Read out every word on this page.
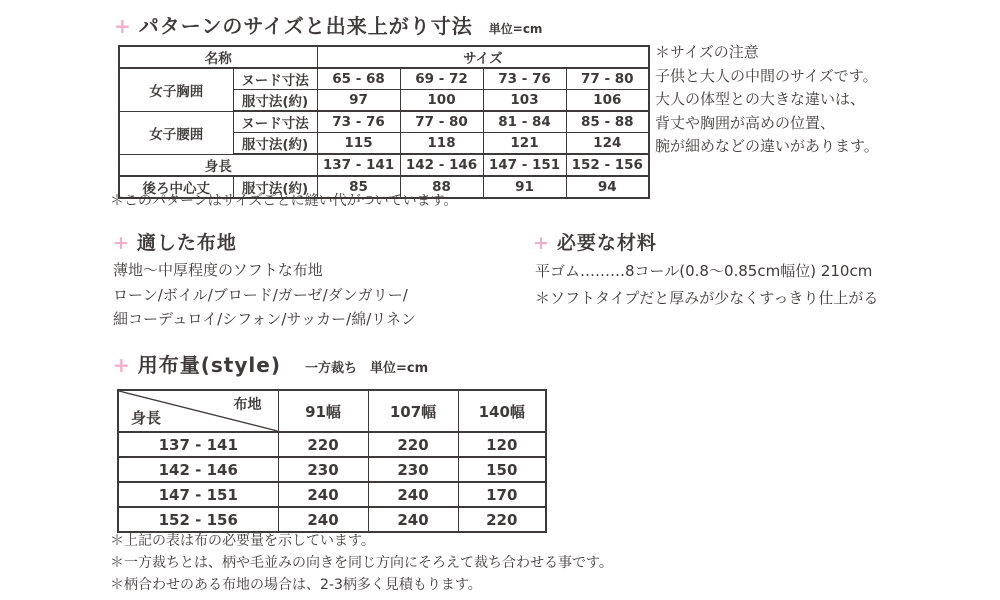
+ パターンのサイズと出来上がり寸法 単位=cm
名称		サイズ			
女子胸囲	ヌード寸法	65 - 68	69 - 72	73 - 76	77 - 80
	服寸法(約)	97	100	103	106
女子腰囲	ヌード寸法	73 - 76	77 - 80	81 - 84	85 - 88
	服寸法(約)	115	118	121	124
身長		137 - 141	142 - 146	147 - 151	152 - 156
後ろ中心丈	服寸法(約)	85	88	91	94
＊サイズの注意
子供と大人の中間のサイズです。
大人の体型との大きな違いは、
背丈や胸囲が高めの位置、
腕が細めなどの違いがあります。
＊このパターンはサイズごとに縫い代がついています。
+ 適した布地
薄地〜中厚程度のソフトな布地
ローン/ボイル/ブロード/ガーゼ/ダンガリー/
細コーデュロイ/シフォン/サッカー/綿/リネン
+ 必要な材料
平ゴム………8コール(0.8〜0.85cm幅位) 210cm
＊ソフトタイプだと厚みが少なくすっきり仕上がる
+ 用布量(style) 一方裁ち　単位=cm
布地
身長	91幅	107幅	140幅
137 - 141	220	220	120
142 - 146	230	230	150
147 - 151	240	240	170
152 - 156	240	240	220
＊上記の表は布の必要量を示しています。
＊一方裁ちとは、柄や毛並みの向きを同じ方向にそろえて裁ち合わせる事です。
＊柄合わせのある布地の場合は、2-3柄多く見積もります。
